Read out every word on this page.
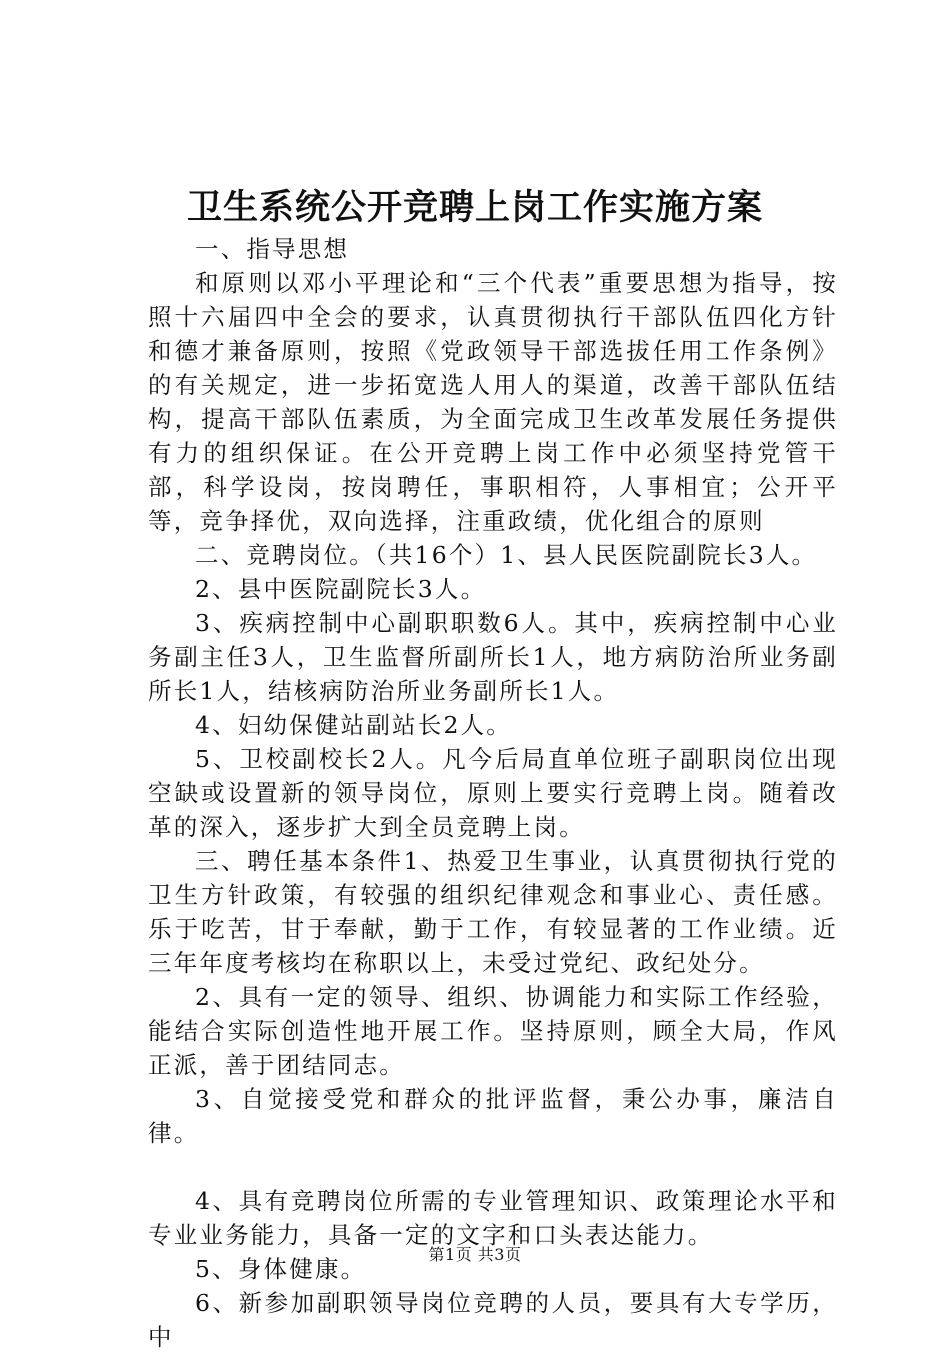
卫生系统公开竞聘上岗工作实施方案

一、指导思想

和原则以邓小平理论和“三个代表”重要思想为指导，按照十六届四中全会的要求，认真贯彻执行干部队伍四化方针和德才兼备原则，按照《党政领导干部选拔任用工作条例》的有关规定，进一步拓宽选人用人的渠道，改善干部队伍结构，提高干部队伍素质，为全面完成卫生改革发展任务提供有力的组织保证。在公开竞聘上岗工作中必须坚持党管干部，科学设岗，按岗聘任，事职相符，人事相宜；公开平等，竞争择优，双向选择，注重政绩，优化组合的原则

二、竞聘岗位。（共16个）1、县人民医院副院长3人。

2、县中医院副院长3人。

3、疾病控制中心副职职数6人。其中，疾病控制中心业务副主任3人，卫生监督所副所长1人，地方病防治所业务副所长1人，结核病防治所业务副所长1人。

4、妇幼保健站副站长2人。

5、卫校副校长2人。凡今后局直单位班子副职岗位出现空缺或设置新的领导岗位，原则上要实行竞聘上岗。随着改革的深入，逐步扩大到全员竞聘上岗。

三、聘任基本条件1、热爱卫生事业，认真贯彻执行党的卫生方针政策，有较强的组织纪律观念和事业心、责任感。乐于吃苦，甘于奉献，勤于工作，有较显著的工作业绩。近三年年度考核均在称职以上，未受过党纪、政纪处分。

2、具有一定的领导、组织、协调能力和实际工作经验，能结合实际创造性地开展工作。坚持原则，顾全大局，作风正派，善于团结同志。

3、自觉接受党和群众的批评监督，秉公办事，廉洁自律。

4、具有竞聘岗位所需的专业管理知识、政策理论水平和专业业务能力，具备一定的文字和口头表达能力。

5、身体健康。

6、新参加副职领导岗位竞聘的人员，要具有大专学历，中

第1页 共3页
